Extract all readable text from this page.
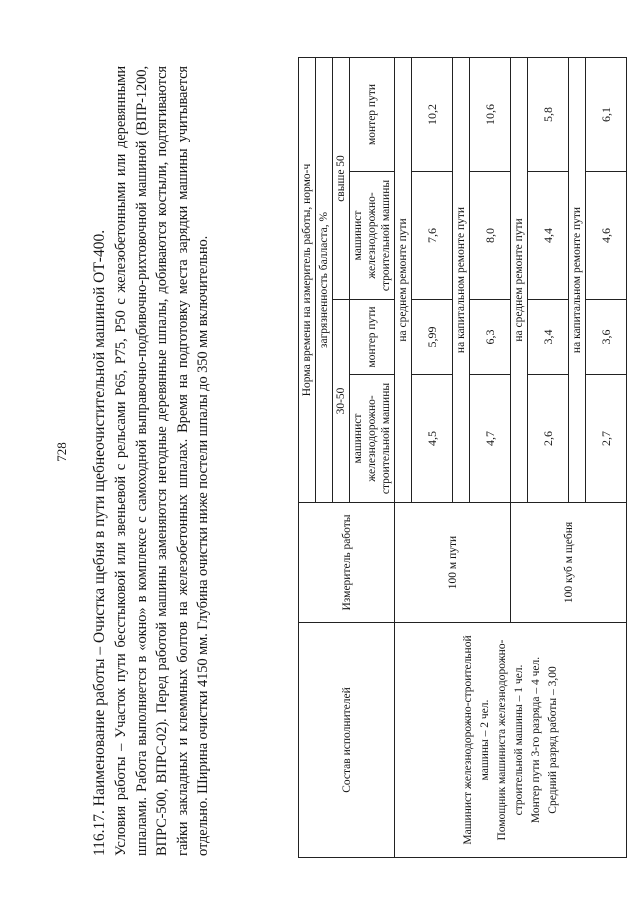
728 116.17. Наименование работы – Очистка щебня в пути щебнеочистительной машиной ОТ-400. Условия работы – Участок пути бесстыковой или звеньевой с рельсами Р65, Р75, Р50 с железобетонными или деревянными шпалами. Работа выполняется в «окно» в комплексе с самоходной выправочно-подбивочно-рихтовочной машиной (ВПР-1200, ВПРС-500, ВПРС-02). Перед работой машины заменяются негодные деревянные шпалы, добиваются костыли, подтягиваются гайки закладных и клеммных болтов на железобетонных шпалах. Время на подготовку места зарядки машины учитывается отдельно. Ширина очистки 4150 мм. Глубина очистки ниже постели шпалы до 350 мм включительно.	Состав исполнителей	Измеритель работы	Норма времени на измеритель работы, нормо-ч			
		загрязненность балласта, %			
		30-50		свыше 50	
		машинист железнодорожно-строительной машины	монтер пути	машинист железнодорожно-строительной машины	монтер пути

Машинист железнодорожно-строительной машины – 2 чел. Помощник машиниста железнодорожно-строительной машины – 1 чел. Монтер пути 3-го разряда – 4 чел. Средний разряд работы – 3,00	100 м пути	на среднем ремонте пути			
		4,5	5,99	7,6	10,2
		на капитальном ремонте пути			
		4,7	6,3	8,0	10,6
	100 куб м щебня	на среднем ремонте пути			
		2,6	3,4	4,4	5,8
		на капитальном ремонте пути			
		2,7	3,6	4,6	6,1
